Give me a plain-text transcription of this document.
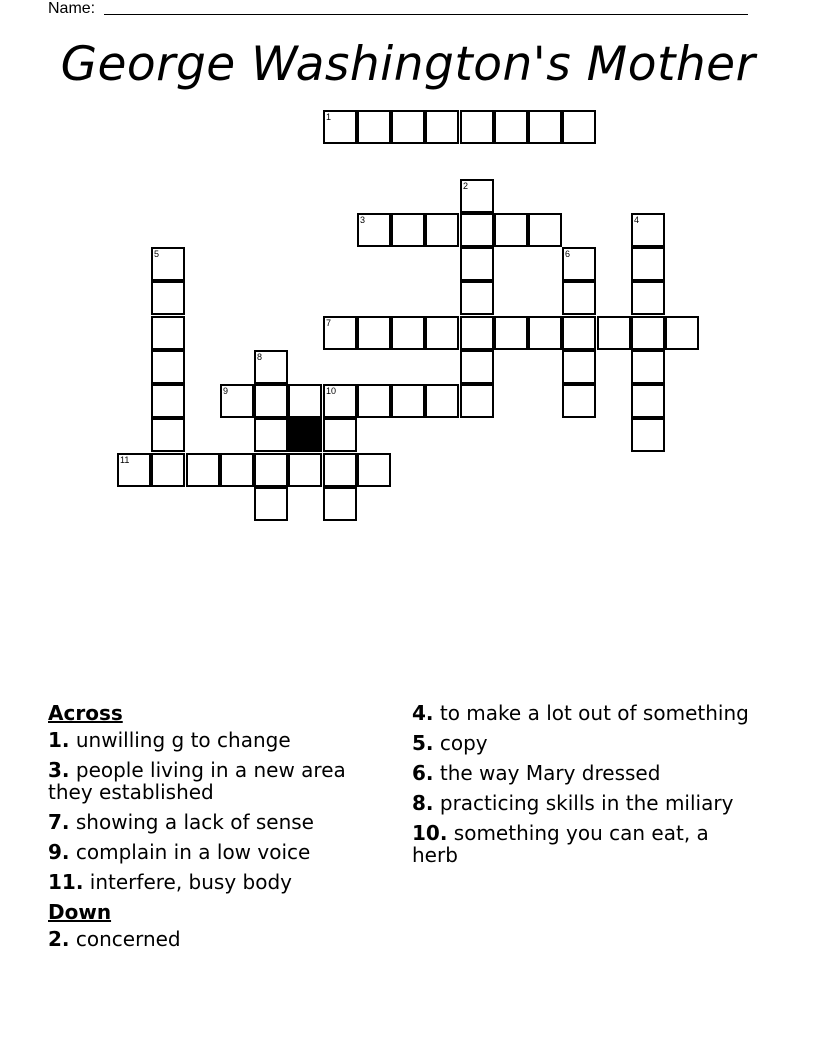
Name:
George Washington's Mother
1
2
3	4
5	6
7
8
9	10
11
Across
1. unwilling g to change
3. people living in a new area they established
7. showing a lack of sense
9. complain in a low voice
11. interfere, busy body
Down
2. concerned
4. to make a lot out of something
5. copy
6. the way Mary dressed
8. practicing skills in the miliary
10. something you can eat, a herb
